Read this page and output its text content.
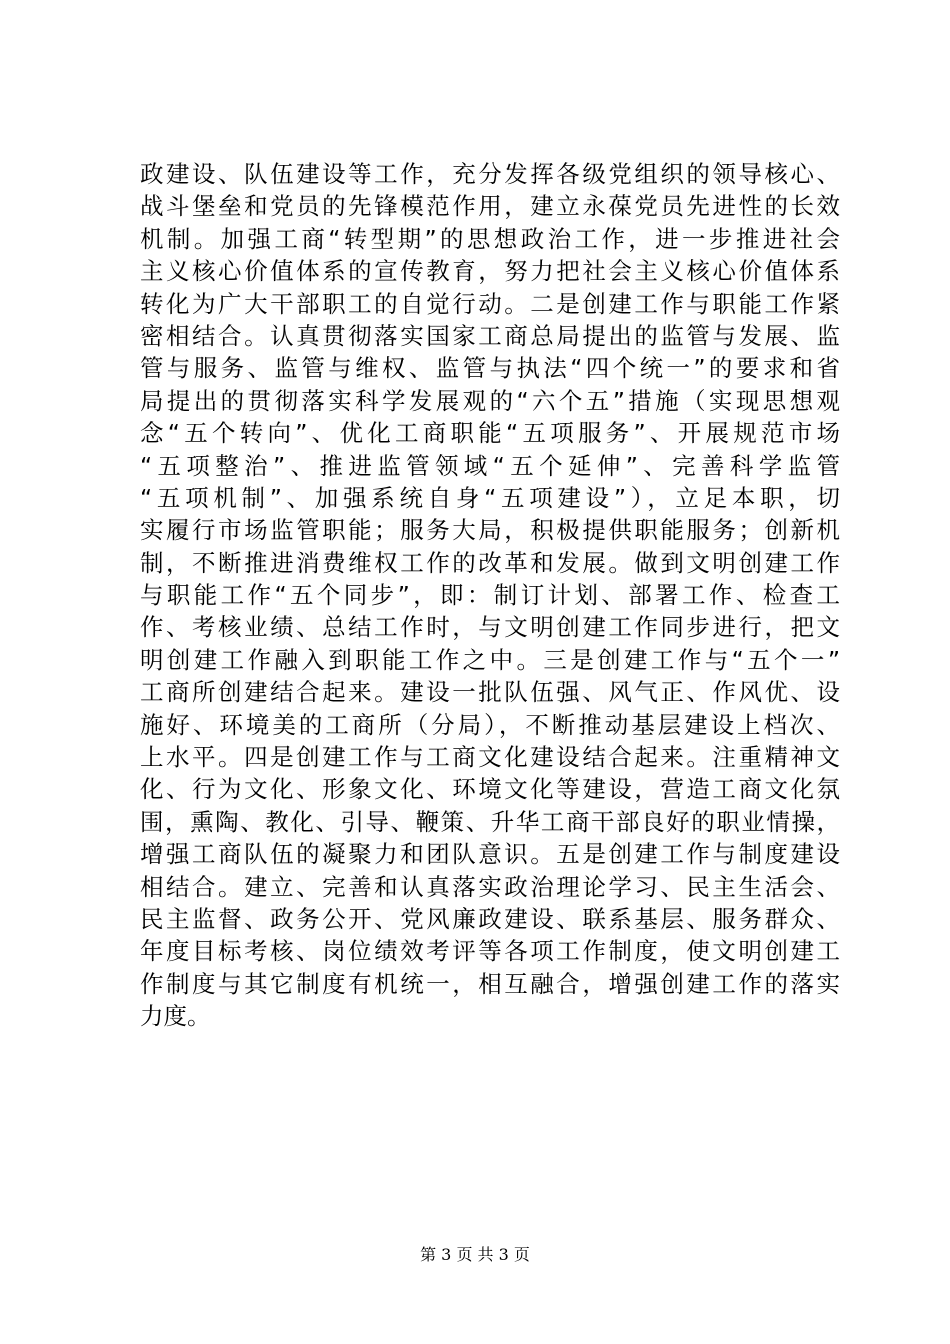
政建设、队伍建设等工作，充分发挥各级党组织的领导核心、
战斗堡垒和党员的先锋模范作用，建立永葆党员先进性的长效
机制。加强工商“转型期”的思想政治工作，进一步推进社会
主义核心价值体系的宣传教育，努力把社会主义核心价值体系
转化为广大干部职工的自觉行动。二是创建工作与职能工作紧
密相结合。认真贯彻落实国家工商总局提出的监管与发展、监
管与服务、监管与维权、监管与执法“四个统一”的要求和省
局提出的贯彻落实科学发展观的“六个五”措施（实现思想观
念“五个转向”、优化工商职能“五项服务”、开展规范市场
“五项整治”、推进监管领域“五个延伸”、完善科学监管
“五项机制”、加强系统自身“五项建设”），立足本职，切
实履行市场监管职能；服务大局，积极提供职能服务；创新机
制，不断推进消费维权工作的改革和发展。做到文明创建工作
与职能工作“五个同步”，即：制订计划、部署工作、检查工
作、考核业绩、总结工作时，与文明创建工作同步进行，把文
明创建工作融入到职能工作之中。三是创建工作与“五个一”
工商所创建结合起来。建设一批队伍强、风气正、作风优、设
施好、环境美的工商所（分局），不断推动基层建设上档次、
上水平。四是创建工作与工商文化建设结合起来。注重精神文
化、行为文化、形象文化、环境文化等建设，营造工商文化氛
围，熏陶、教化、引导、鞭策、升华工商干部良好的职业情操，
增强工商队伍的凝聚力和团队意识。五是创建工作与制度建设
相结合。建立、完善和认真落实政治理论学习、民主生活会、
民主监督、政务公开、党风廉政建设、联系基层、服务群众、
年度目标考核、岗位绩效考评等各项工作制度，使文明创建工
作制度与其它制度有机统一，相互融合，增强创建工作的落实
力度。
第 3 页 共 3 页
